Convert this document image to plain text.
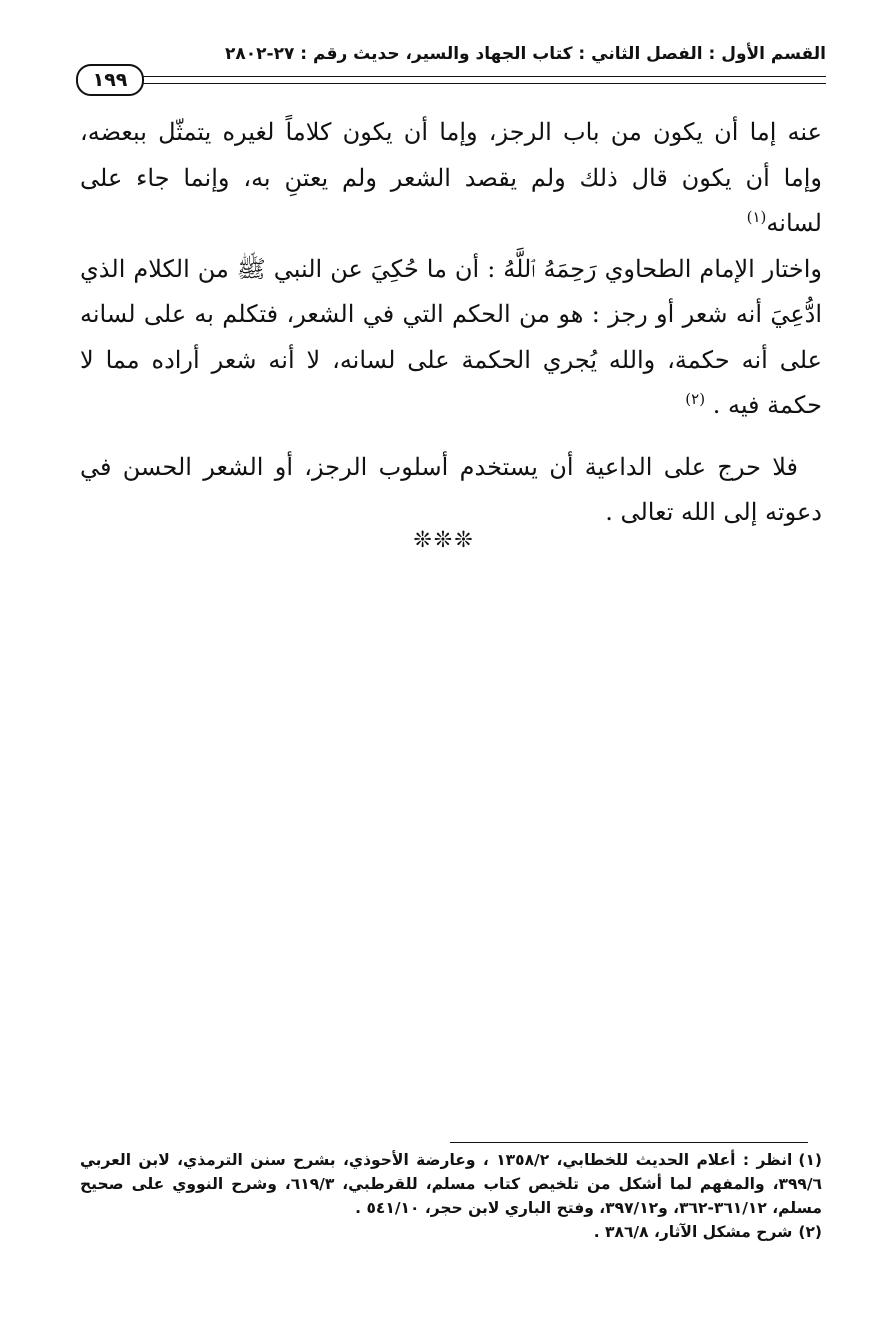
القسم الأول : الفصل الثاني : كتاب الجهاد والسير، حديث رقم : ٢٧-٢٨٠٢
١٩٩

عنه إما أن يكون من باب الرجز، وإما أن يكون كلاماً لغيره يتمثّل ببعضه، وإما أن يكون قال ذلك ولم يقصد الشعر ولم يعتنِ به، وإنما جاء على لسانه$^{(١)}$

واختار الإمام الطحاوي رَحِمَهُ ٱللَّهُ : أن ما حُكِيَ عن النبي ﷺ من الكلام الذي ادُّعِيَ أنه شعر أو رجز : هو من الحكم التي في الشعر، فتكلم به على لسانه على أنه حكمة، والله يُجري الحكمة على لسانه، لا أنه شعر أراده مما لا حكمة فيه . $^{(٢)}$

فلا حرج على الداعية أن يستخدم أسلوب الرجز، أو الشعر الحسن في دعوته إلى الله تعالى .

❊❊❊

(١)انظر : أعلام الحديث للخطابي، ١٣٥٨/٢ ، وعارضة الأحوذي، بشرح سنن الترمذي، لابن العربي ٣٩٩/٦، والمفهم لما أشكل من تلخيص كتاب مسلم، للقرطبي، ٦١٩/٣، وشرح النووي على صحيح مسلم، ٣٦١/١٢-٣٦٢، و٣٩٧/١٢، وفتح الباري لابن حجر، ٥٤١/١٠ .

(٢)شرح مشكل الآثار، ٣٨٦/٨ .
